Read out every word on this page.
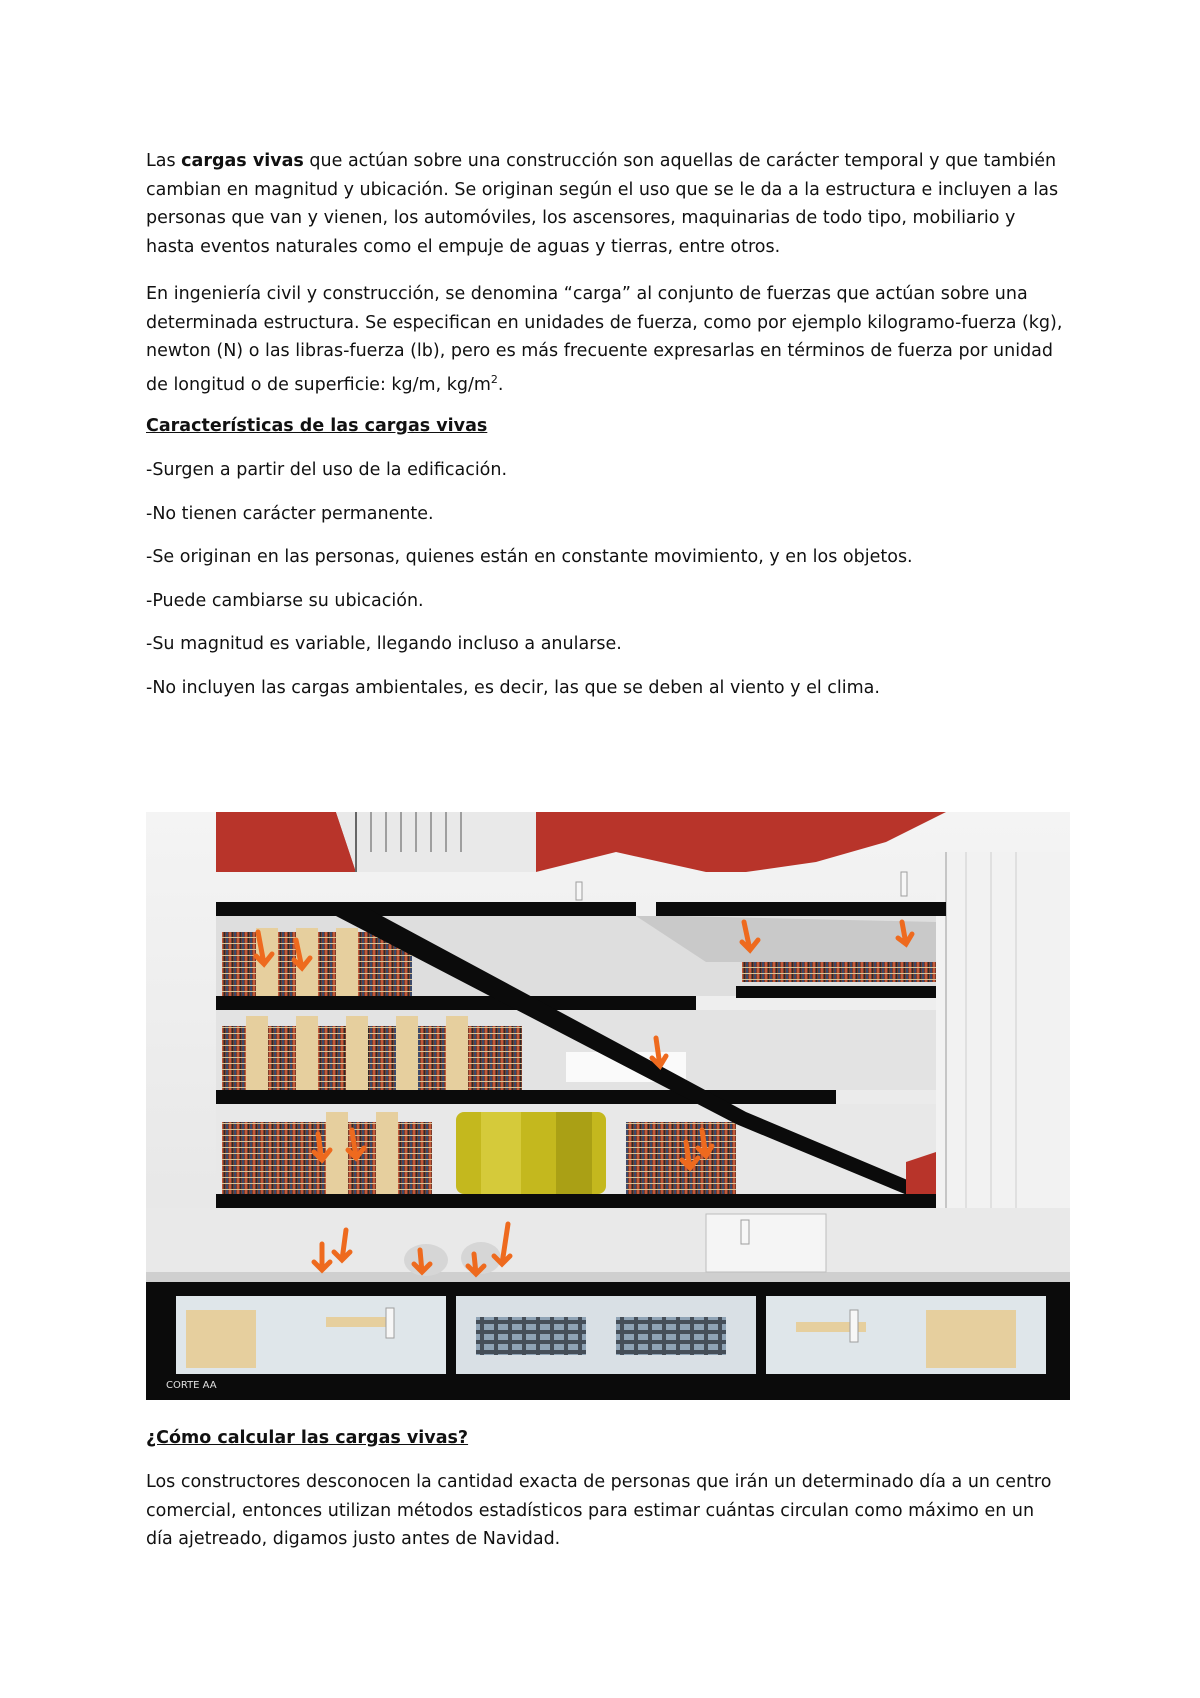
Las cargas vivas que actúan sobre una construcción son aquellas de carácter temporal y que también cambian en magnitud y ubicación. Se originan según el uso que se le da a la estructura e incluyen a las personas que van y vienen, los automóviles, los ascensores, maquinarias de todo tipo, mobiliario y hasta eventos naturales como el empuje de aguas y tierras, entre otros.

En ingeniería civil y construcción, se denomina “carga” al conjunto de fuerzas que actúan sobre una determinada estructura. Se especifican en unidades de fuerza, como por ejemplo kilogramo-fuerza (kg), newton (N) o las libras-fuerza (lb), pero es más frecuente expresarlas en términos de fuerza por unidad de longitud o de superficie: kg/m, $kg/m^2$.

Características de las cargas vivas

-Surgen a partir del uso de la edificación.

-No tienen carácter permanente.

-Se originan en las personas, quienes están en constante movimiento, y en los objetos.

-Puede cambiarse su ubicación.

-Su magnitud es variable, llegando incluso a anularse.

-No incluyen las cargas ambientales, es decir, las que se deben al viento y el clima.

CORTE AA

¿Cómo calcular las cargas vivas?

Los constructores desconocen la cantidad exacta de personas que irán un determinado día a un centro comercial, entonces utilizan métodos estadísticos para estimar cuántas circulan como máximo en un día ajetreado, digamos justo antes de Navidad.
